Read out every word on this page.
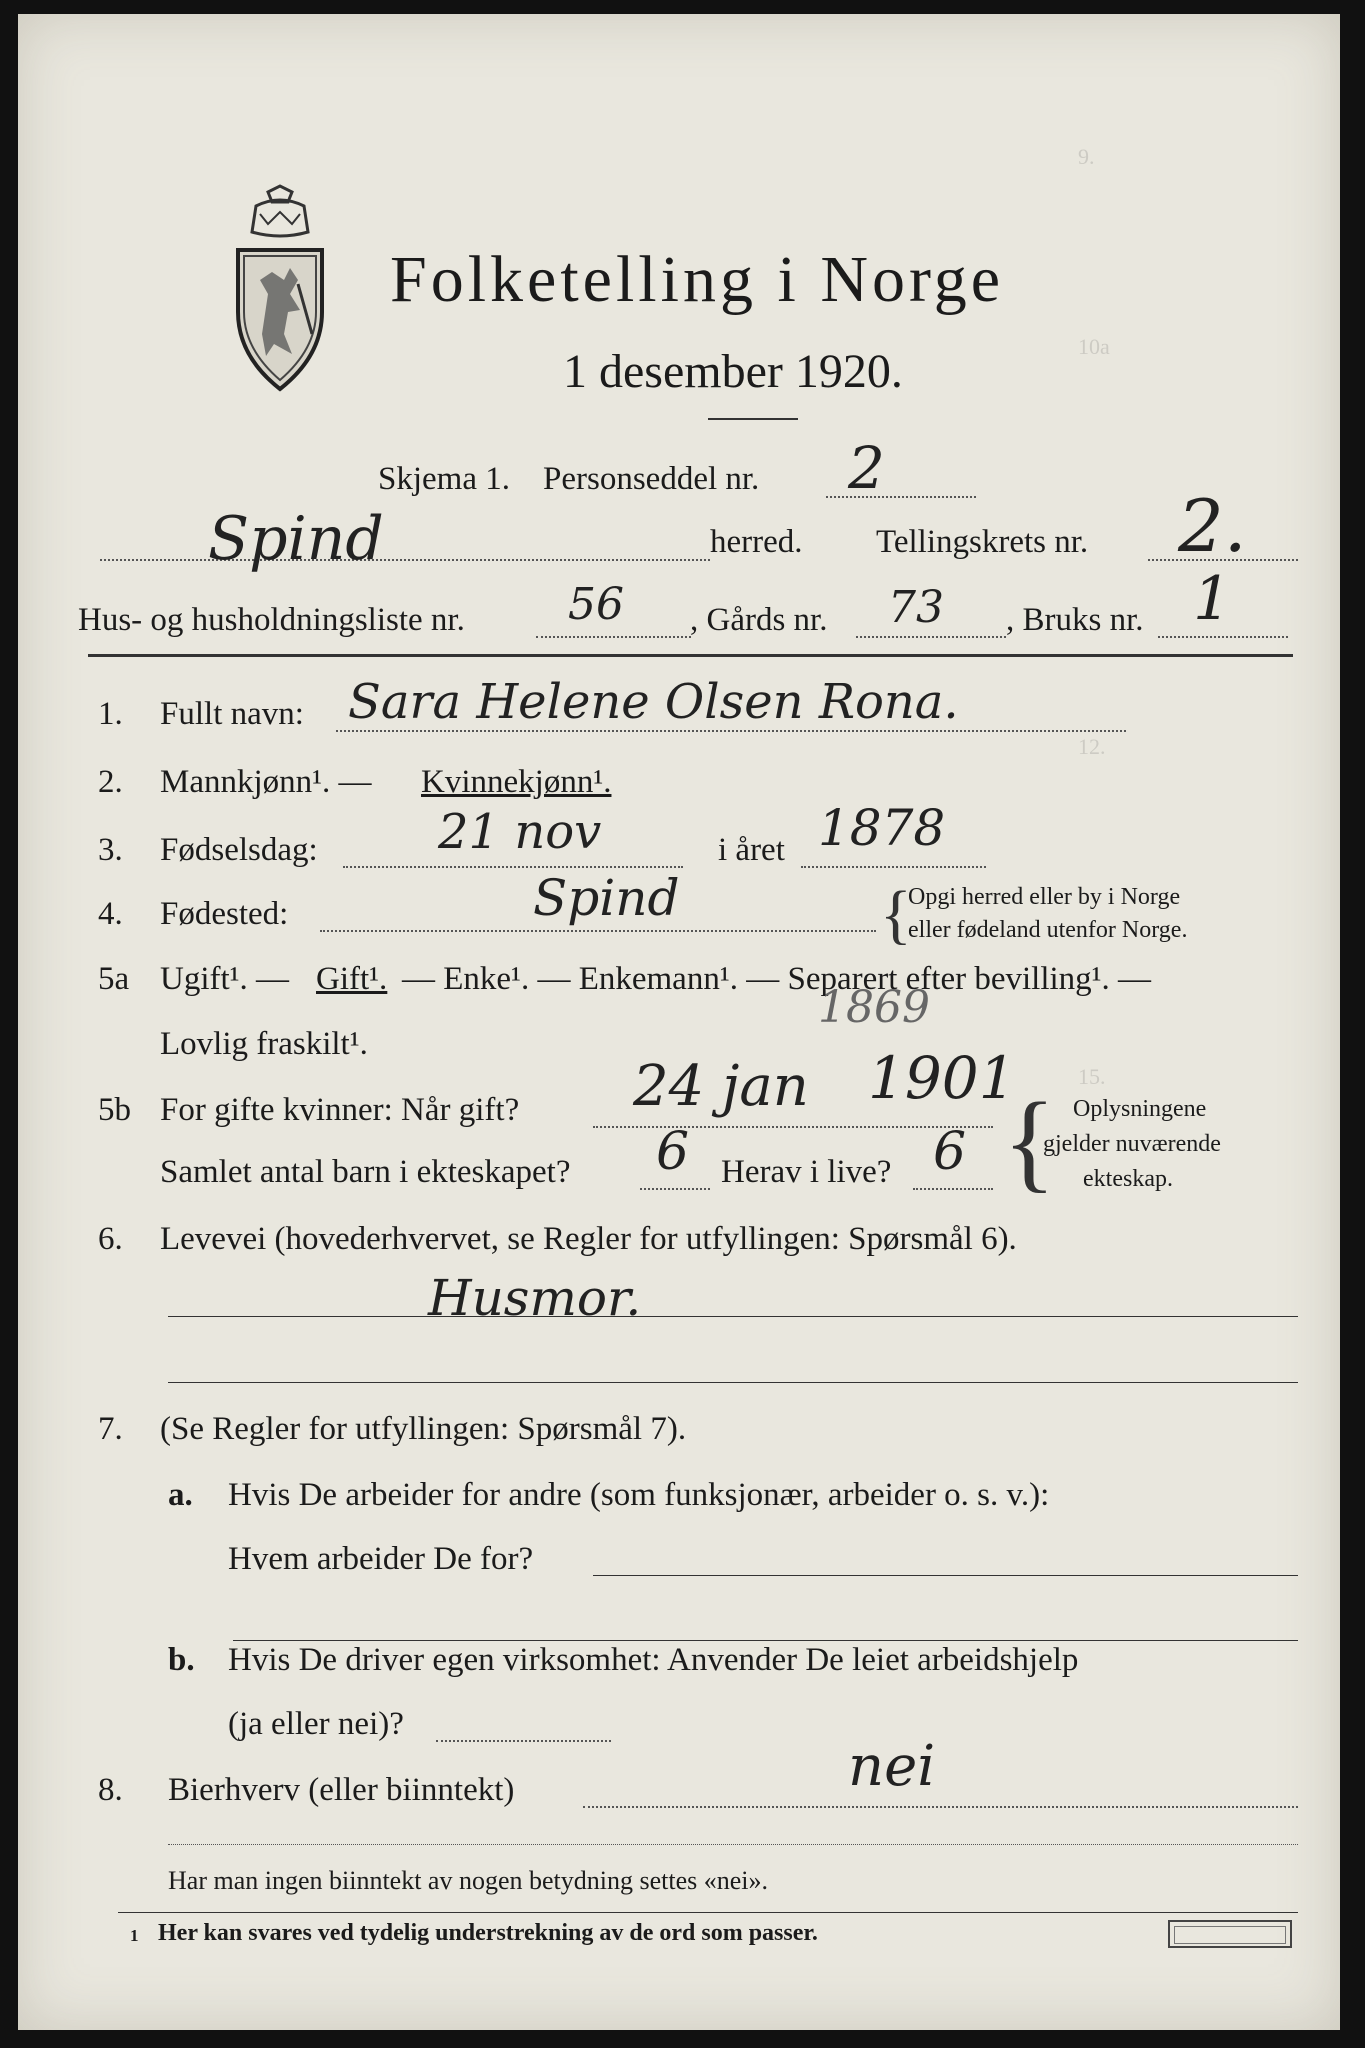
9.
10a
12.
15.
Folketelling i Norge
1 desember 1920.
Skjema 1. Personseddel nr. 2
Spind	herred. Tellingskrets nr. 2.
Hus- og husholdningsliste nr. 56 , Gårds nr. 73 , Bruks nr. 1
1. Fullt navn: Sara Helene Olsen Rona.
2. Mannkjønn¹. — Kvinnekjønn¹.
3. Fødselsdag:	21 nov	i året 1878
4. Fødested:	Spind	{
Opgi herred eller by i Norge
eller fødeland utenfor Norge.
5a Ugift¹. — Gift¹. — Enke¹. — Enkemann¹. — Separert efter bevilling¹. —
Lovlig fraskilt¹.
1869
5b For gifte kvinner: Når gift? 24 jan 1901
Samlet antal barn i ekteskapet? 6 Herav i live? 6 { Oplysningene
gjelder nuværende
ekteskap.
6. Levevei (hovederhvervet, se Regler for utfyllingen: Spørsmål 6).
Husmor.
7. (Se Regler for utfyllingen: Spørsmål 7).
a. Hvis De arbeider for andre (som funksjonær, arbeider o. s. v.):
Hvem arbeider De for?
b. Hvis De driver egen virksomhet: Anvender De leiet arbeidshjelp
(ja eller nei)?
8. Bierhverv (eller biinntekt)	nei
Har man ingen biinntekt av nogen betydning settes «nei».
1 Her kan svares ved tydelig understrekning av de ord som passer.
